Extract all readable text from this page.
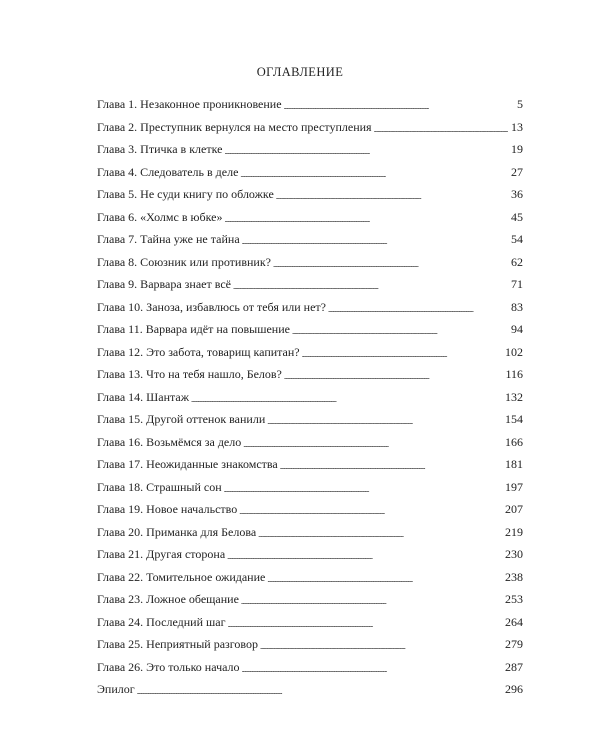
ОГЛАВЛЕНИЕ
Глава 1. Незаконное проникновение . . .	5
Глава 2. Преступник вернулся на место преступления . . .	13
Глава 3. Птичка в клетке . . .	19
Глава 4. Следователь в деле . . .	27
Глава 5. Не суди книгу по обложке . . .	36
Глава 6. «Холмс в юбке» . . .	45
Глава 7. Тайна уже не тайна . . .	54
Глава 8. Союзник или противник? . . .	62
Глава 9. Варвара знает всё . . .	71
Глава 10. Заноза, избавлюсь от тебя или нет? . . .	83
Глава 11. Варвара идёт на повышение . . .	94
Глава 12. Это забота, товарищ капитан? . . .	102
Глава 13. Что на тебя нашло, Белов? . . .	116
Глава 14. Шантаж . . .	132
Глава 15. Другой оттенок ванили . . .	154
Глава 16. Возьмёмся за дело . . .	166
Глава 17. Неожиданные знакомства . . .	181
Глава 18. Страшный сон . . .	197
Глава 19. Новое начальство . . .	207
Глава 20. Приманка для Белова . . .	219
Глава 21. Другая сторона . . .	230
Глава 22. Томительное ожидание . . .	238
Глава 23. Ложное обещание . . .	253
Глава 24. Последний шаг . . .	264
Глава 25. Неприятный разговор . . .	279
Глава 26. Это только начало . . .	287
Эпилог . . .	296
